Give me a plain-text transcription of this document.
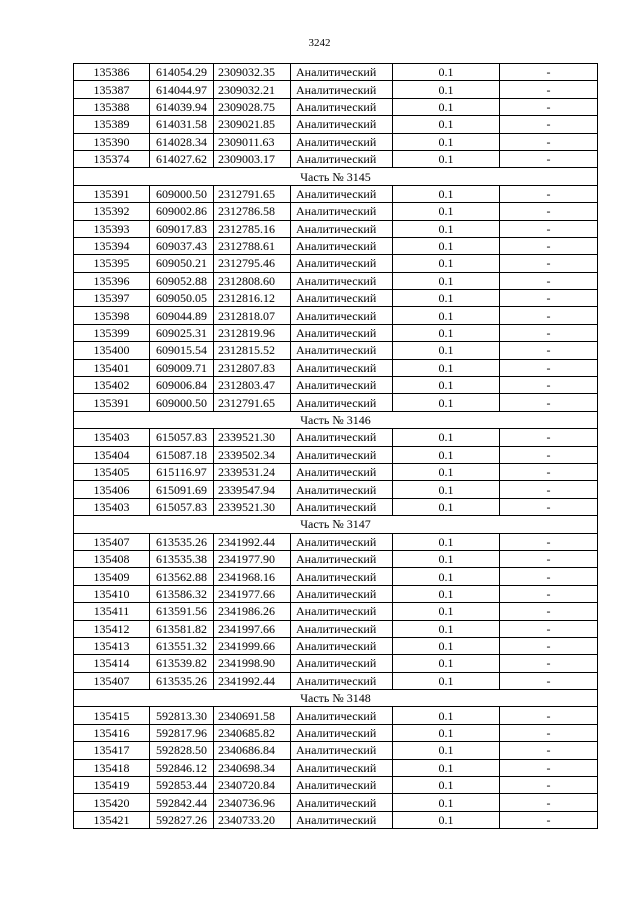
3242
135386	614054.29	2309032.35	Аналитический	0.1	-
135387	614044.97	2309032.21	Аналитический	0.1	-
135388	614039.94	2309028.75	Аналитический	0.1	-
135389	614031.58	2309021.85	Аналитический	0.1	-
135390	614028.34	2309011.63	Аналитический	0.1	-
135374	614027.62	2309003.17	Аналитический	0.1	-
Часть № 3145					
135391	609000.50	2312791.65	Аналитический	0.1	-
135392	609002.86	2312786.58	Аналитический	0.1	-
135393	609017.83	2312785.16	Аналитический	0.1	-
135394	609037.43	2312788.61	Аналитический	0.1	-
135395	609050.21	2312795.46	Аналитический	0.1	-
135396	609052.88	2312808.60	Аналитический	0.1	-
135397	609050.05	2312816.12	Аналитический	0.1	-
135398	609044.89	2312818.07	Аналитический	0.1	-
135399	609025.31	2312819.96	Аналитический	0.1	-
135400	609015.54	2312815.52	Аналитический	0.1	-
135401	609009.71	2312807.83	Аналитический	0.1	-
135402	609006.84	2312803.47	Аналитический	0.1	-
135391	609000.50	2312791.65	Аналитический	0.1	-
Часть № 3146					
135403	615057.83	2339521.30	Аналитический	0.1	-
135404	615087.18	2339502.34	Аналитический	0.1	-
135405	615116.97	2339531.24	Аналитический	0.1	-
135406	615091.69	2339547.94	Аналитический	0.1	-
135403	615057.83	2339521.30	Аналитический	0.1	-
Часть № 3147					
135407	613535.26	2341992.44	Аналитический	0.1	-
135408	613535.38	2341977.90	Аналитический	0.1	-
135409	613562.88	2341968.16	Аналитический	0.1	-
135410	613586.32	2341977.66	Аналитический	0.1	-
135411	613591.56	2341986.26	Аналитический	0.1	-
135412	613581.82	2341997.66	Аналитический	0.1	-
135413	613551.32	2341999.66	Аналитический	0.1	-
135414	613539.82	2341998.90	Аналитический	0.1	-
135407	613535.26	2341992.44	Аналитический	0.1	-
Часть № 3148					
135415	592813.30	2340691.58	Аналитический	0.1	-
135416	592817.96	2340685.82	Аналитический	0.1	-
135417	592828.50	2340686.84	Аналитический	0.1	-
135418	592846.12	2340698.34	Аналитический	0.1	-
135419	592853.44	2340720.84	Аналитический	0.1	-
135420	592842.44	2340736.96	Аналитический	0.1	-
135421	592827.26	2340733.20	Аналитический	0.1	-
